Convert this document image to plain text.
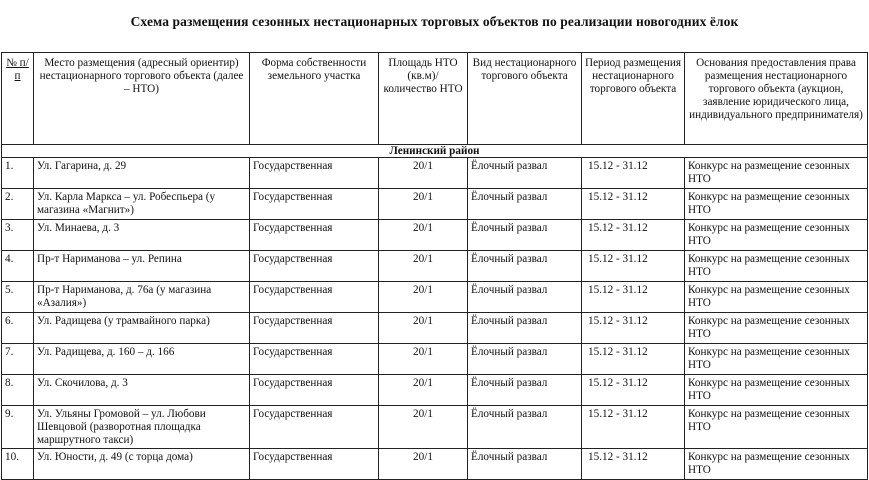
Схема размещения сезонных нестационарных торговых объектов по реализации новогодних ёлок
№ п/п	Место размещения (адресный ориентир) нестационарного торгового объекта (далее – НТО)	Форма собственности земельного участка	Площадь НТО (кв.м)/ количество НТО	Вид нестационарного торгового объекта	Период размещения нестационарного торгового объекта	Основания предоставления права размещения нестационарного торгового объекта (аукцион, заявление юридического лица, индивидуального предпринимателя)
Ленинский район						
1.	Ул. Гагарина, д. 29	Государственная	20/1	Ёлочный развал	15.12 - 31.12	Конкурс на размещение сезонных НТО
2.	Ул. Карла Маркса – ул. Робеспьера (у магазина «Магнит»)	Государственная	20/1	Ёлочный развал	15.12 - 31.12	Конкурс на размещение сезонных НТО
3.	Ул. Минаева, д. 3	Государственная	20/1	Ёлочный развал	15.12 - 31.12	Конкурс на размещение сезонных НТО
4.	Пр-т Нариманова – ул. Репина	Государственная	20/1	Ёлочный развал	15.12 - 31.12	Конкурс на размещение сезонных НТО
5.	Пр-т Нариманова, д. 76а (у магазина «Азалия»)	Государственная	20/1	Ёлочный развал	15.12 - 31.12	Конкурс на размещение сезонных НТО
6.	Ул. Радищева (у трамвайного парка)	Государственная	20/1	Ёлочный развал	15.12 - 31.12	Конкурс на размещение сезонных НТО
7.	Ул. Радищева, д. 160 – д. 166	Государственная	20/1	Ёлочный развал	15.12 - 31.12	Конкурс на размещение сезонных НТО
8.	Ул. Скочилова, д. 3	Государственная	20/1	Ёлочный развал	15.12 - 31.12	Конкурс на размещение сезонных НТО
9.	Ул. Ульяны Громовой – ул. Любови Шевцовой (разворотная площадка маршрутного такси)	Государственная	20/1	Ёлочный развал	15.12 - 31.12	Конкурс на размещение сезонных НТО
10.	Ул. Юности, д. 49 (с торца дома)	Государственная	20/1	Ёлочный развал	15.12 - 31.12	Конкурс на размещение сезонных НТО
